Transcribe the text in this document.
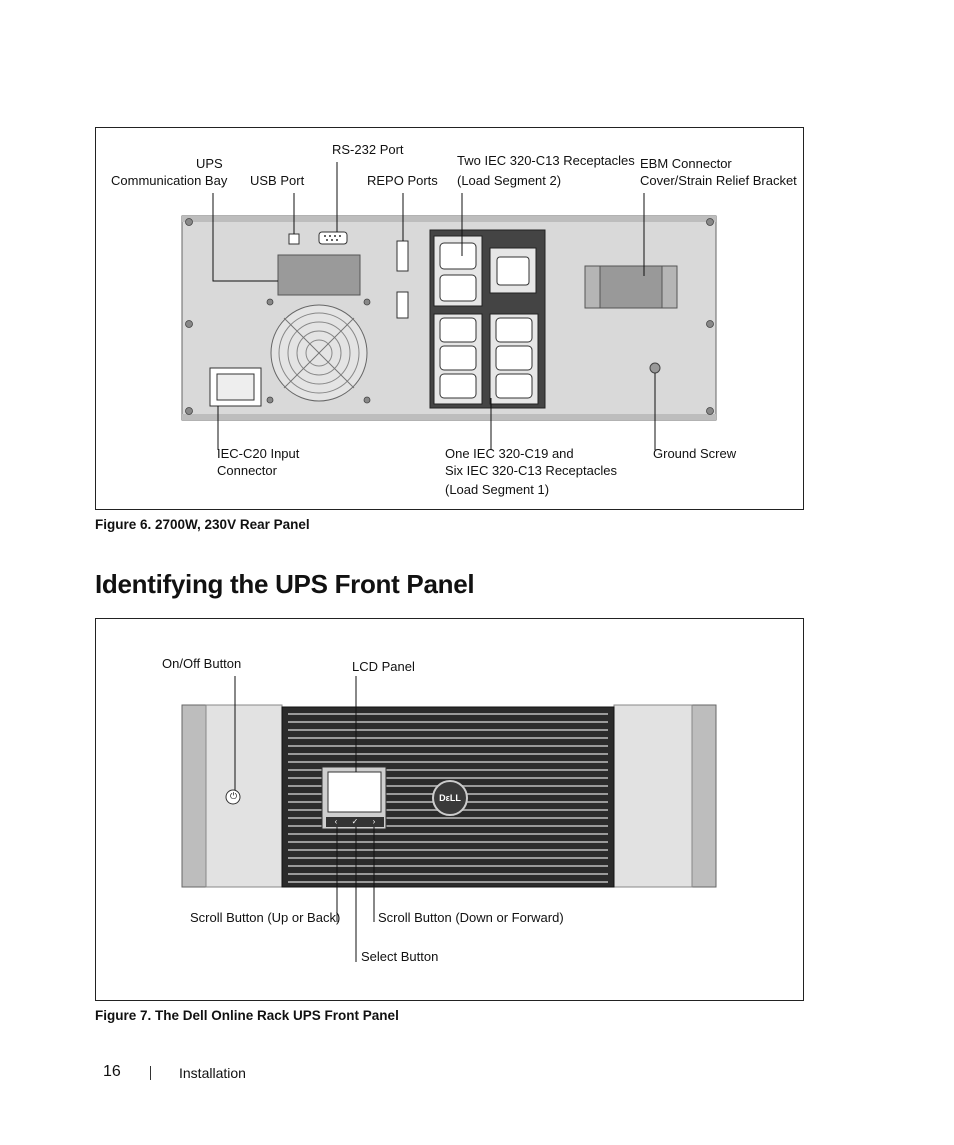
UPS
Communication Bay USB Port
RS-232 Port
REPO Ports
Two IEC 320-C13 Receptacles
(Load Segment 2)
EBM Connector
Cover/Strain Relief Bracket
IEC-C20 Input
Connector
One IEC 320-C19 and
Six IEC 320-C13 Receptacles
(Load Segment 1)
Ground Screw
Figure 6. 2700W, 230V Rear Panel
Identifying the UPS Front Panel
‹	✓	›
⏻	DεLL
On/Off Button	LCD Panel
Scroll Button (Up or Back)	Scroll Button (Down or Forward)
Select Button
Figure 7. The Dell Online Rack UPS Front Panel
16	Installation
